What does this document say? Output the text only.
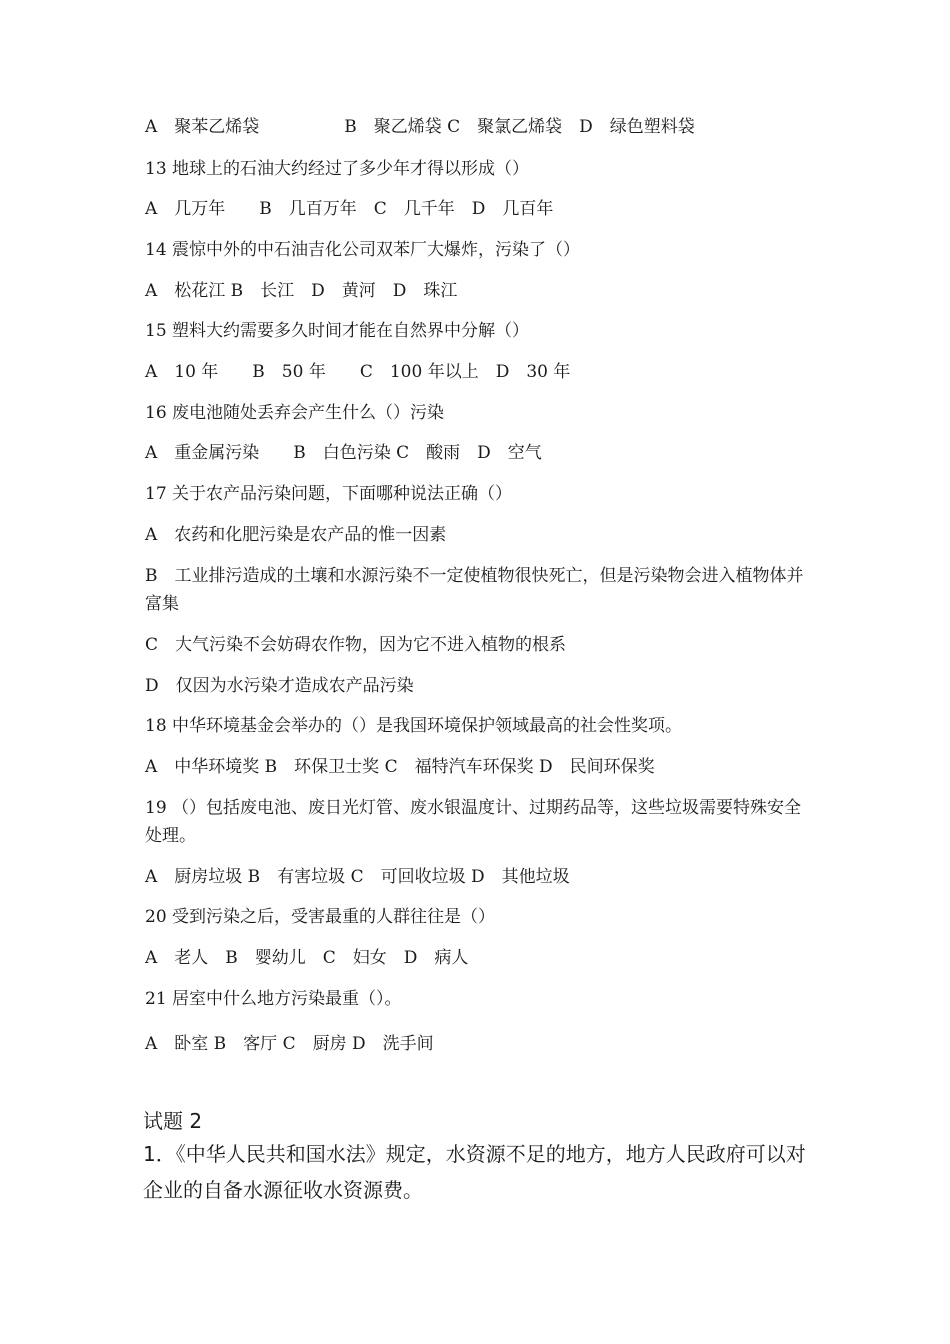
A　聚苯乙烯袋　　　　　B　聚乙烯袋 C　聚氯乙烯袋　D　绿色塑料袋
13 地球上的石油大约经过了多少年才得以形成（）
A　几万年　　B　几百万年　C　几千年　D　几百年
14 震惊中外的中石油吉化公司双苯厂大爆炸，污染了（）
A　松花江 B　长江　D　黄河　D　珠江
15 塑料大约需要多久时间才能在自然界中分解（）
A　10 年　　B　50 年　　C　100 年以上　D　30 年
16 废电池随处丢弃会产生什么（）污染
A　重金属污染　　B　白色污染 C　酸雨　D　空气
17 关于农产品污染问题，下面哪种说法正确（）
A　农药和化肥污染是农产品的惟一因素
B　工业排污造成的土壤和水源污染不一定使植物很快死亡，但是污染物会进入植物体并富集
C　大气污染不会妨碍农作物，因为它不进入植物的根系
D　仅因为水污染才造成农产品污染
18 中华环境基金会举办的（）是我国环境保护领域最高的社会性奖项。
A　中华环境奖 B　环保卫士奖 C　福特汽车环保奖 D　民间环保奖
19 （）包括废电池、废日光灯管、废水银温度计、过期药品等，这些垃圾需要特殊安全处理。
A　厨房垃圾 B　有害垃圾 C　可回收垃圾 D　其他垃圾
20 受到污染之后，受害最重的人群往往是（）
A　老人　B　婴幼儿　C　妇女　D　病人
21 居室中什么地方污染最重（）。
A　卧室 B　客厅 C　厨房 D　洗手间
试题 2
1．《中华人民共和国水法》规定，水资源不足的地方，地方人民政府可以对企业的自备水源征收水资源费。
